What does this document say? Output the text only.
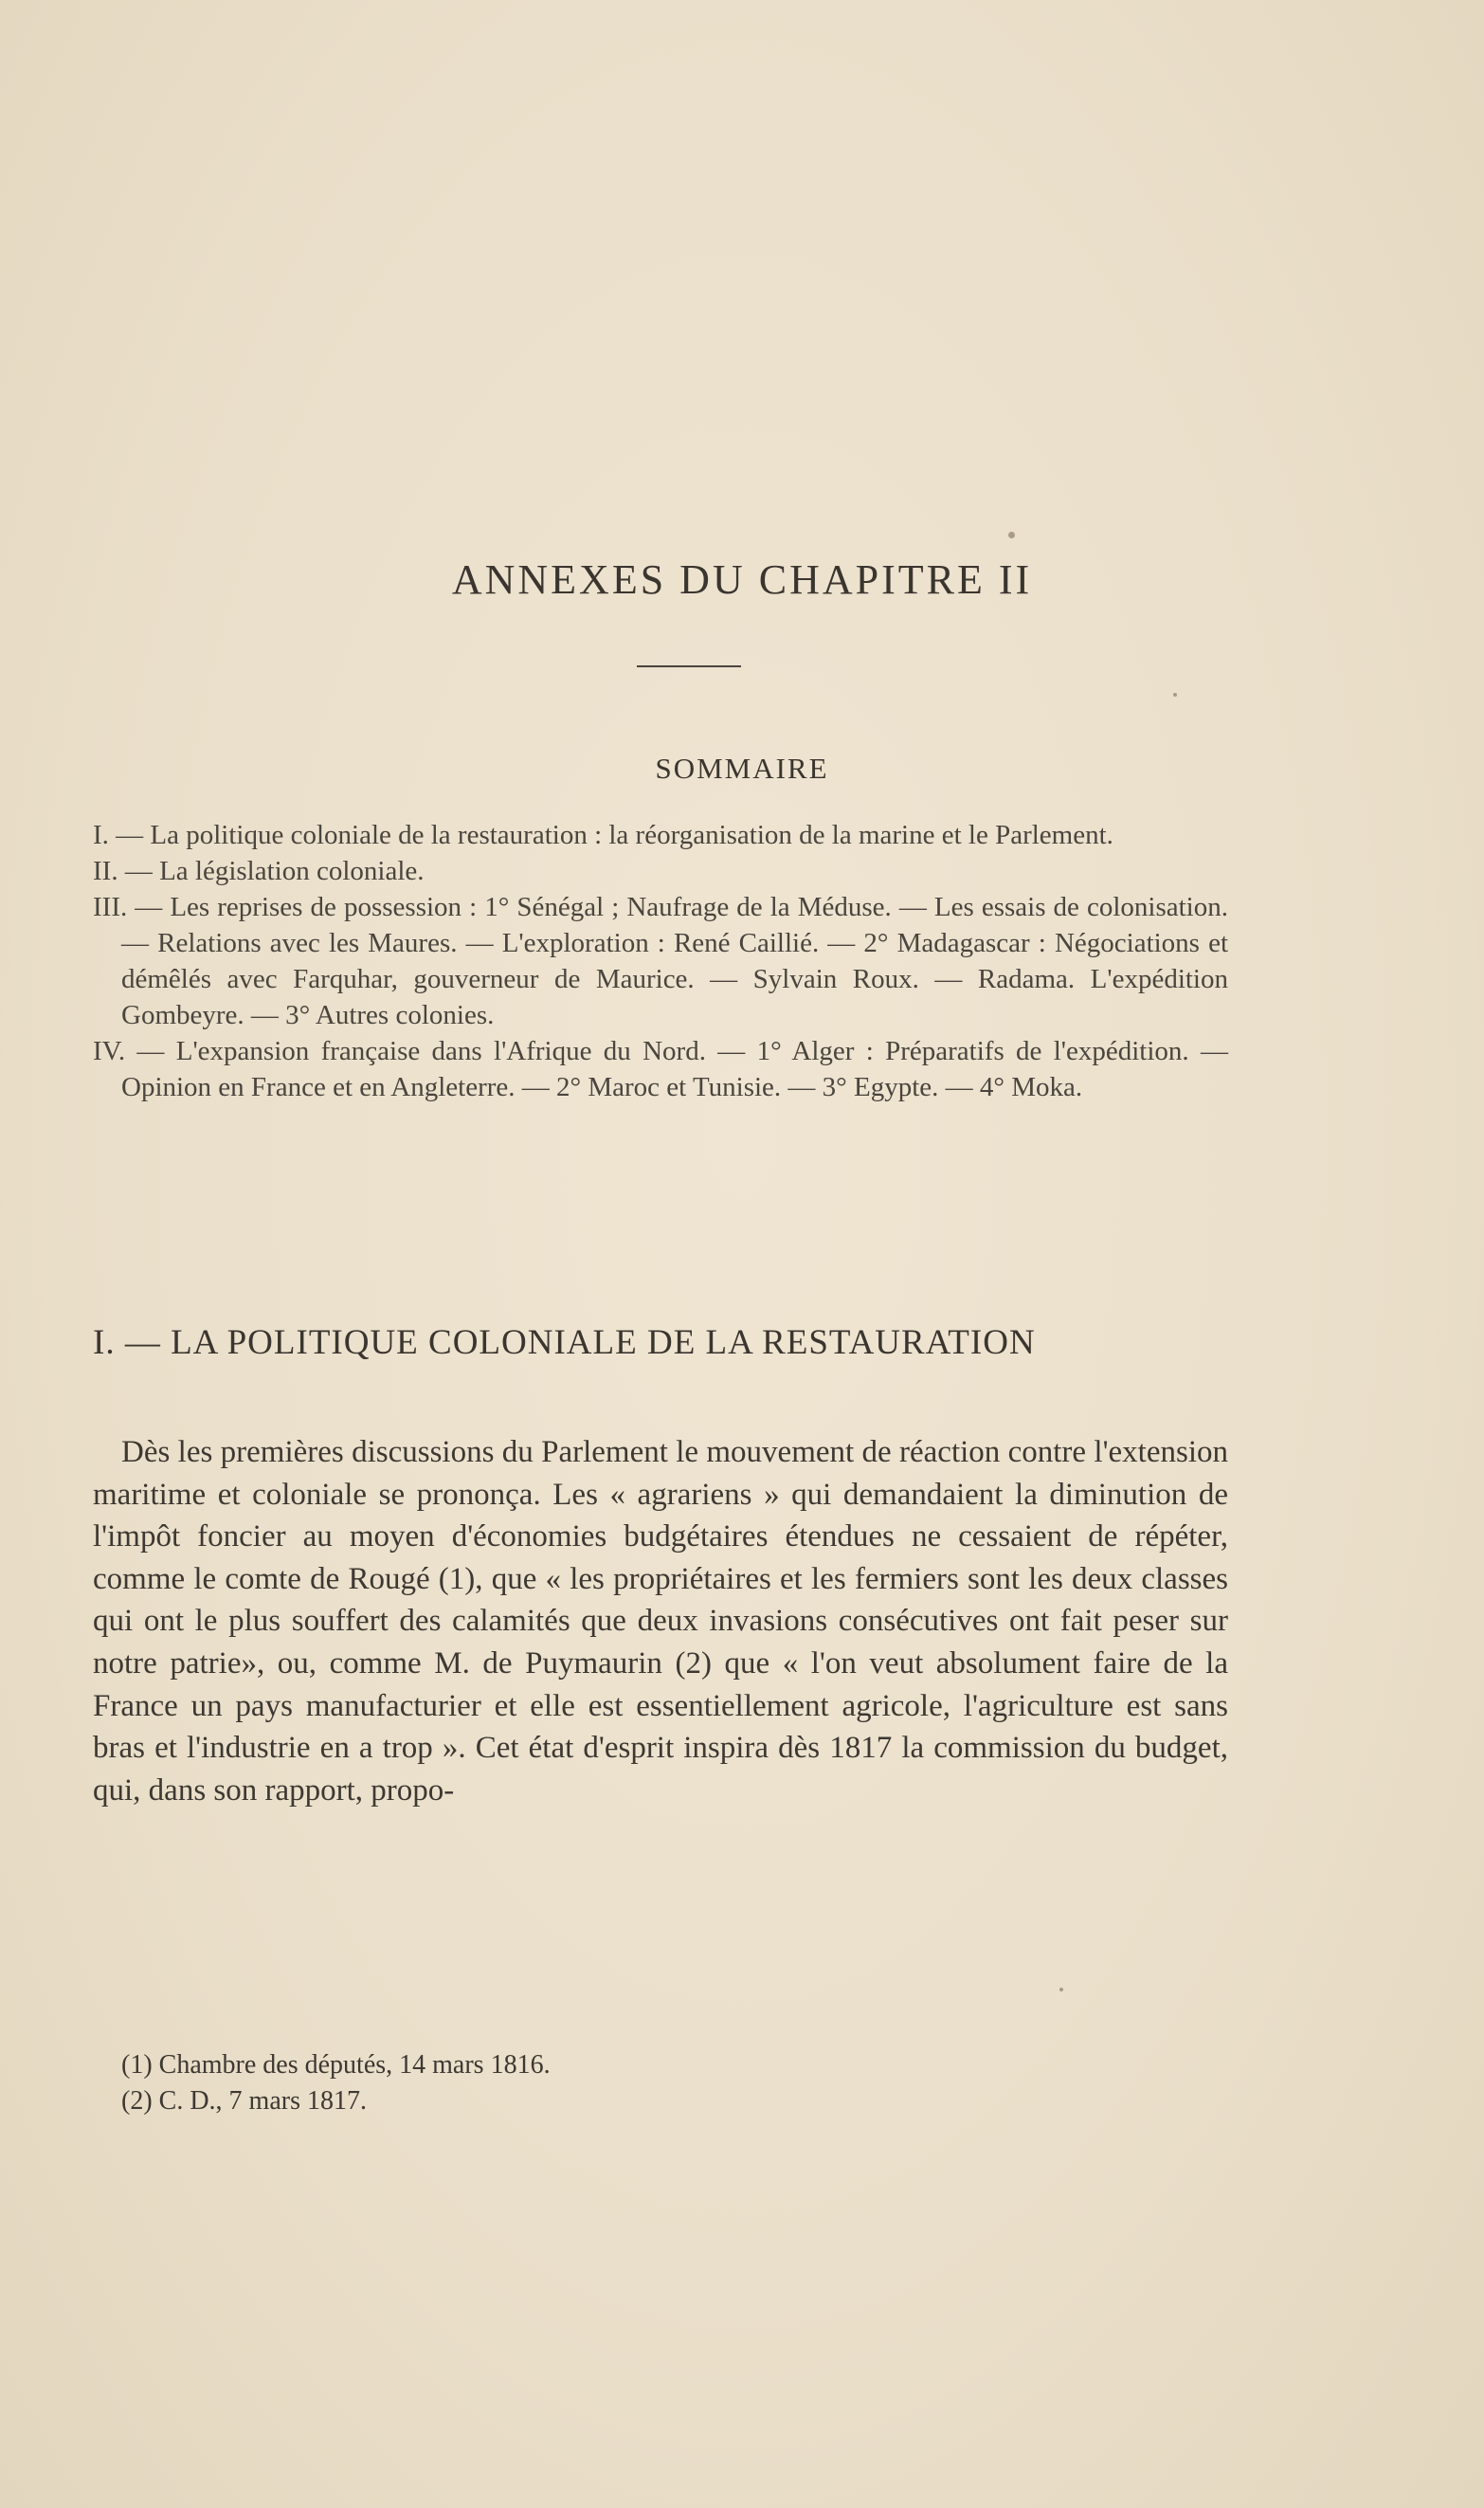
ANNEXES DU CHAPITRE II
SOMMAIRE

I. — La politique coloniale de la restauration : la réorganisation de la marine et le Parlement.

II. — La législation coloniale.

III. — Les reprises de possession : 1° Sénégal ; Naufrage de la Méduse. — Les essais de colonisation. — Relations avec les Maures. — L'exploration : René Caillié. — 2° Madagascar : Négociations et démêlés avec Farquhar, gouverneur de Maurice. — Sylvain Roux. — Radama. L'expédition Gombeyre. — 3° Autres colonies.

IV. — L'expansion française dans l'Afrique du Nord. — 1° Alger : Préparatifs de l'expédition. — Opinion en France et en Angleterre. — 2° Maroc et Tunisie. — 3° Egypte. — 4° Moka.

I. — LA POLITIQUE COLONIALE DE LA RESTAURATION

Dès les premières discussions du Parlement le mouvement de réaction contre l'extension maritime et coloniale se prononça. Les « agrariens » qui demandaient la diminution de l'impôt foncier au moyen d'économies budgétaires étendues ne cessaient de répéter, comme le comte de Rougé (1), que « les propriétaires et les fermiers sont les deux classes qui ont le plus souffert des calamités que deux invasions consécutives ont fait peser sur notre patrie», ou, comme M. de Puymaurin (2) que « l'on veut absolument faire de la France un pays manufacturier et elle est essentiellement agricole, l'agriculture est sans bras et l'industrie en a trop ». Cet état d'esprit inspira dès 1817 la commission du budget, qui, dans son rapport, propo-

(1) Chambre des députés, 14 mars 1816.

(2) C. D., 7 mars 1817.
